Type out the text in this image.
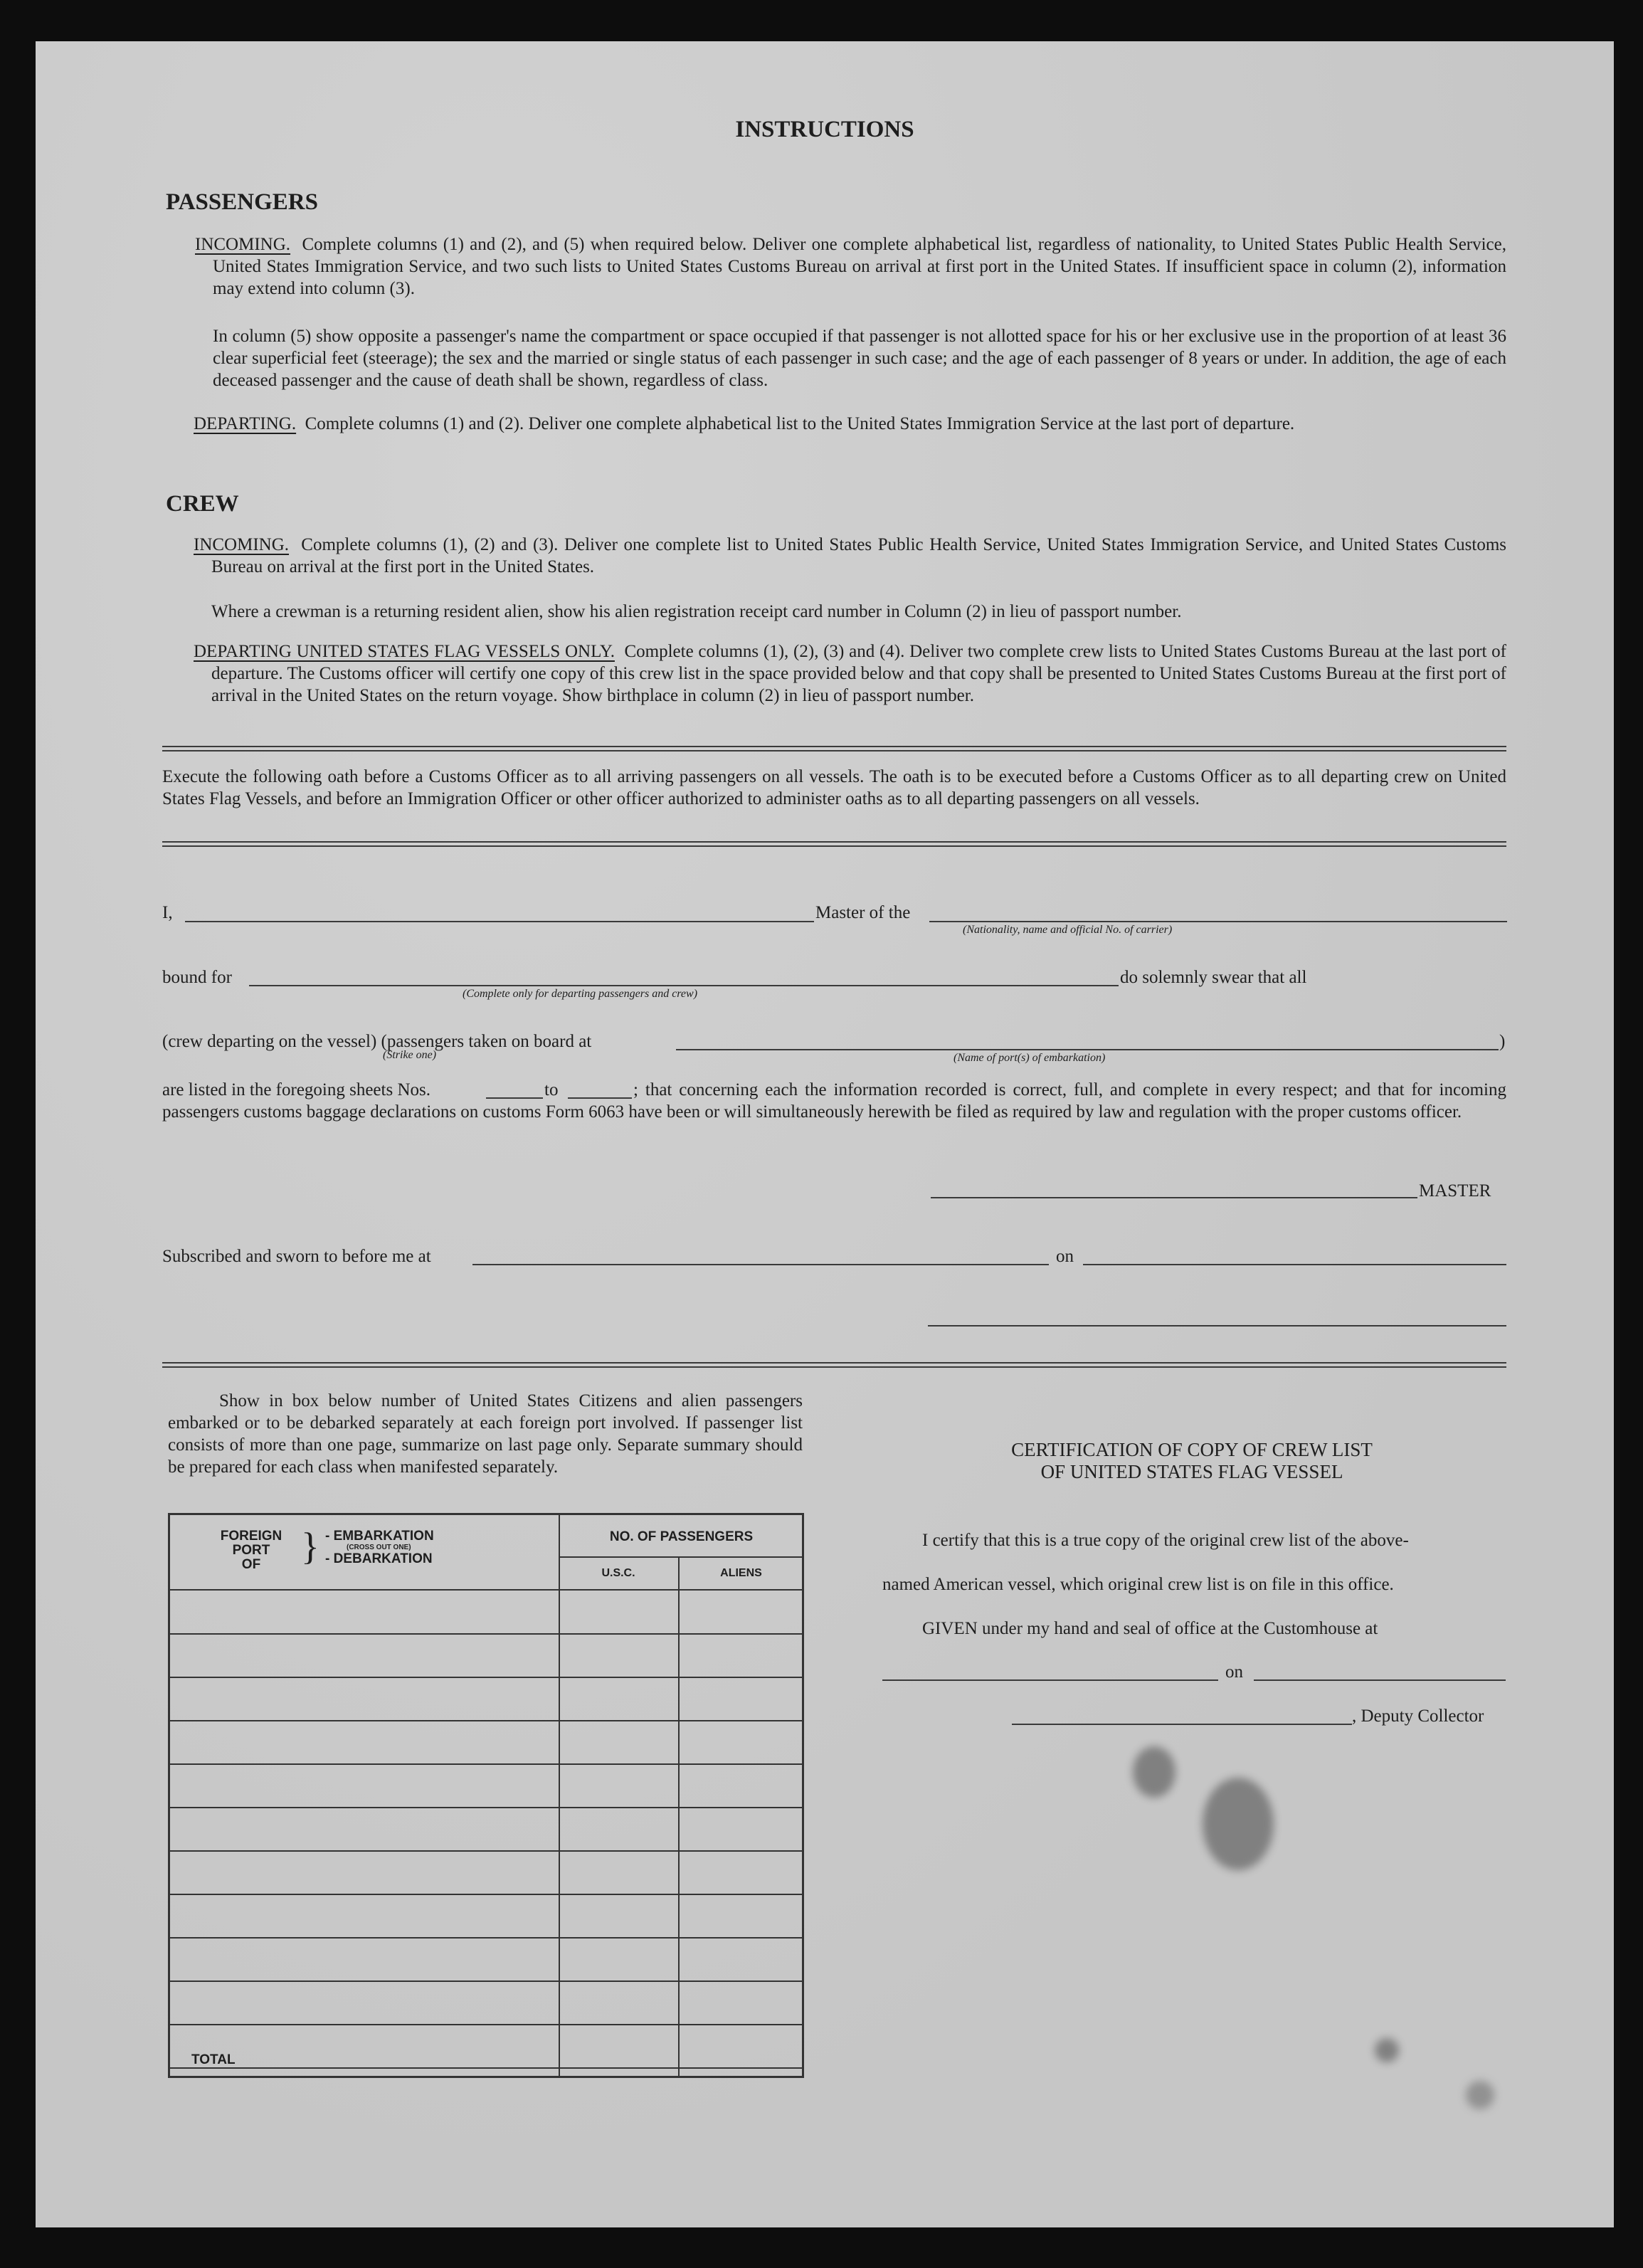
INSTRUCTIONS
PASSENGERS
INCOMING. Complete columns (1) and (2), and (5) when required below. Deliver one complete alphabetical list, regardless of nationality, to United States Public Health Service, United States Immigration Service, and two such lists to United States Customs Bureau on arrival at first port in the United States. If insufficient space in column (2), information may extend into column (3).
In column (5) show opposite a passenger's name the compartment or space occupied if that passenger is not allotted space for his or her exclusive use in the proportion of at least 36 clear superficial feet (steerage); the sex and the married or single status of each passenger in such case; and the age of each passenger of 8 years or under. In addition, the age of each deceased passenger and the cause of death shall be shown, regardless of class.
DEPARTING. Complete columns (1) and (2). Deliver one complete alphabetical list to the United States Immigration Service at the last port of departure.
CREW
INCOMING. Complete columns (1), (2) and (3). Deliver one complete list to United States Public Health Service, United States Immigration Service, and United States Customs Bureau on arrival at the first port in the United States.
Where a crewman is a returning resident alien, show his alien registration receipt card number in Column (2) in lieu of passport number.
DEPARTING UNITED STATES FLAG VESSELS ONLY. Complete columns (1), (2), (3) and (4). Deliver two complete crew lists to United States Customs Bureau at the last port of departure. The Customs officer will certify one copy of this crew list in the space provided below and that copy shall be presented to United States Customs Bureau at the first port of arrival in the United States on the return voyage. Show birthplace in column (2) in lieu of passport number.
Execute the following oath before a Customs Officer as to all arriving passengers on all vessels. The oath is to be executed before a Customs Officer as to all departing crew on United States Flag Vessels, and before an Immigration Officer or other officer authorized to administer oaths as to all departing passengers on all vessels.
I,	Master of the
(Nationality, name and official No. of carrier)
bound for
(Complete only for departing passengers and crew)
do solemnly swear that all
(crew departing on the vessel) (passengers taken on board at
(Strike one)
)
(Name of port(s) of embarkation)
are listed in the foregoing sheets Nos.	to	; that concerning each the information recorded is correct, full, and complete in every respect; and that for incoming passengers customs baggage declarations on customs Form 6063 have been or will simultaneously herewith be filed as required by law and regulation with the proper customs officer.
MASTER
Subscribed and sworn to before me at	on
Show in box below number of United States Citizens and alien passengers embarked or to be debarked separately at each foreign port involved. If passenger list consists of more than one page, summarize on last page only. Separate summary should be prepared for each class when manifested separately.
FOREIGN
PORT
OF	} - EMBARKATION
(CROSS OUT ONE)
- DEBARKATION
NO. OF PASSENGERS
U.S.C.	ALIENS
TOTAL
CERTIFICATION OF COPY OF CREW LIST
OF UNITED STATES FLAG VESSEL
I certify that this is a true copy of the original crew list of the above-
named American vessel, which original crew list is on file in this office.
GIVEN under my hand and seal of office at the Customhouse at
on
, Deputy Collector
